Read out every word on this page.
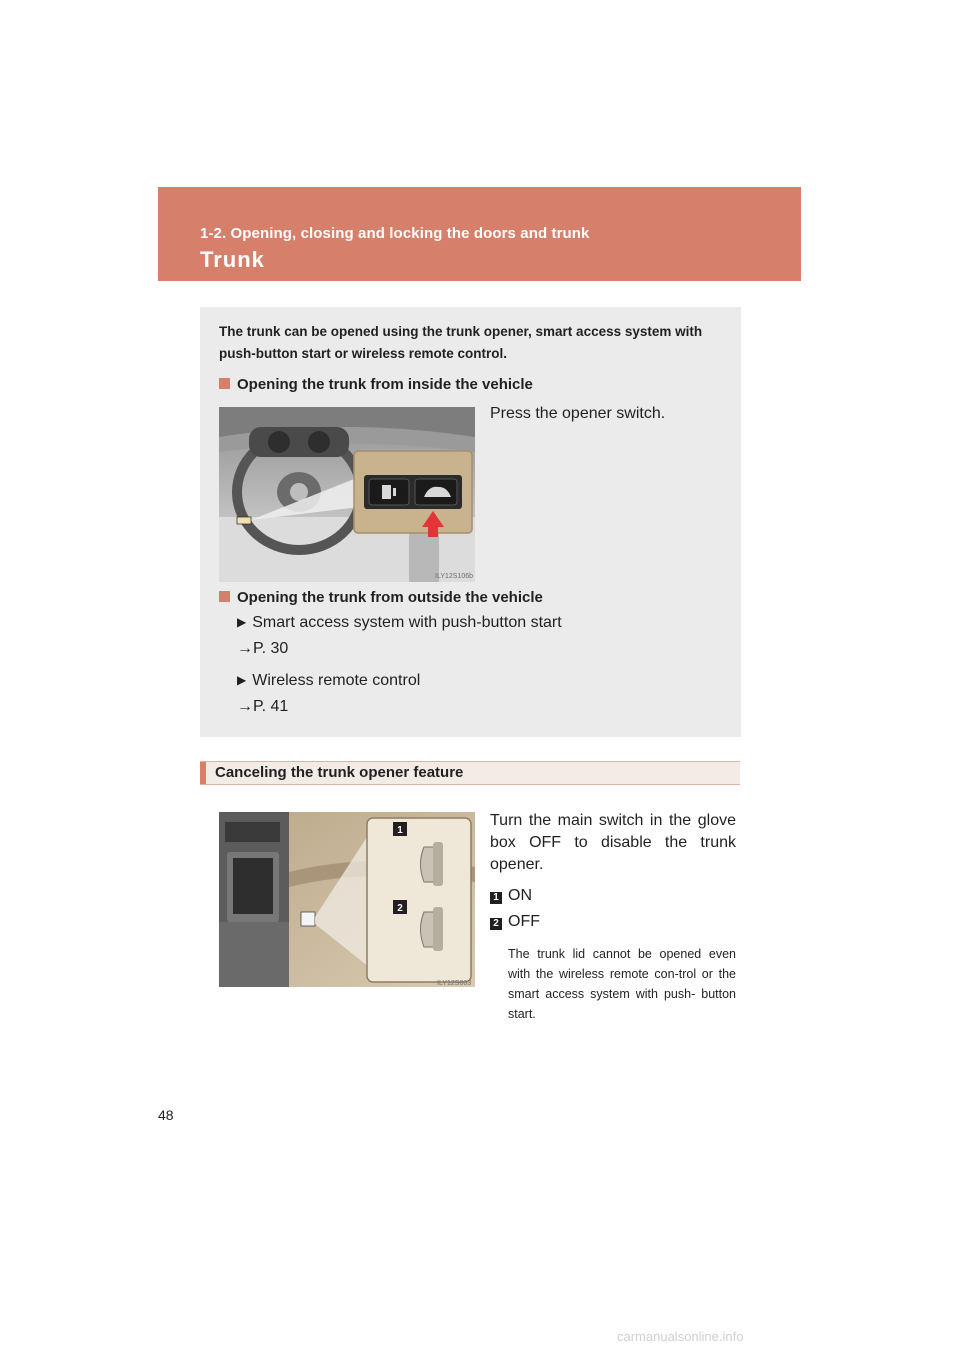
1-2. Opening, closing and locking the doors and trunk
Trunk
The trunk can be opened using the trunk opener, smart access system with push-button start or wireless remote control.
Opening the trunk from inside the vehicle
ILY12S106b
Press the opener switch.
Opening the trunk from outside the vehicle
▶ Smart access system with push-button start
→P. 30
▶ Wireless remote control
→P. 41
Canceling the trunk opener feature
1
2
ILY12S003
Turn the main switch in the glove box OFF to disable the trunk opener.
1 ON
2 OFF
The trunk lid cannot be opened even with the wireless remote con-trol or the smart access system with push- button start.
48
carmanualsonline.info
